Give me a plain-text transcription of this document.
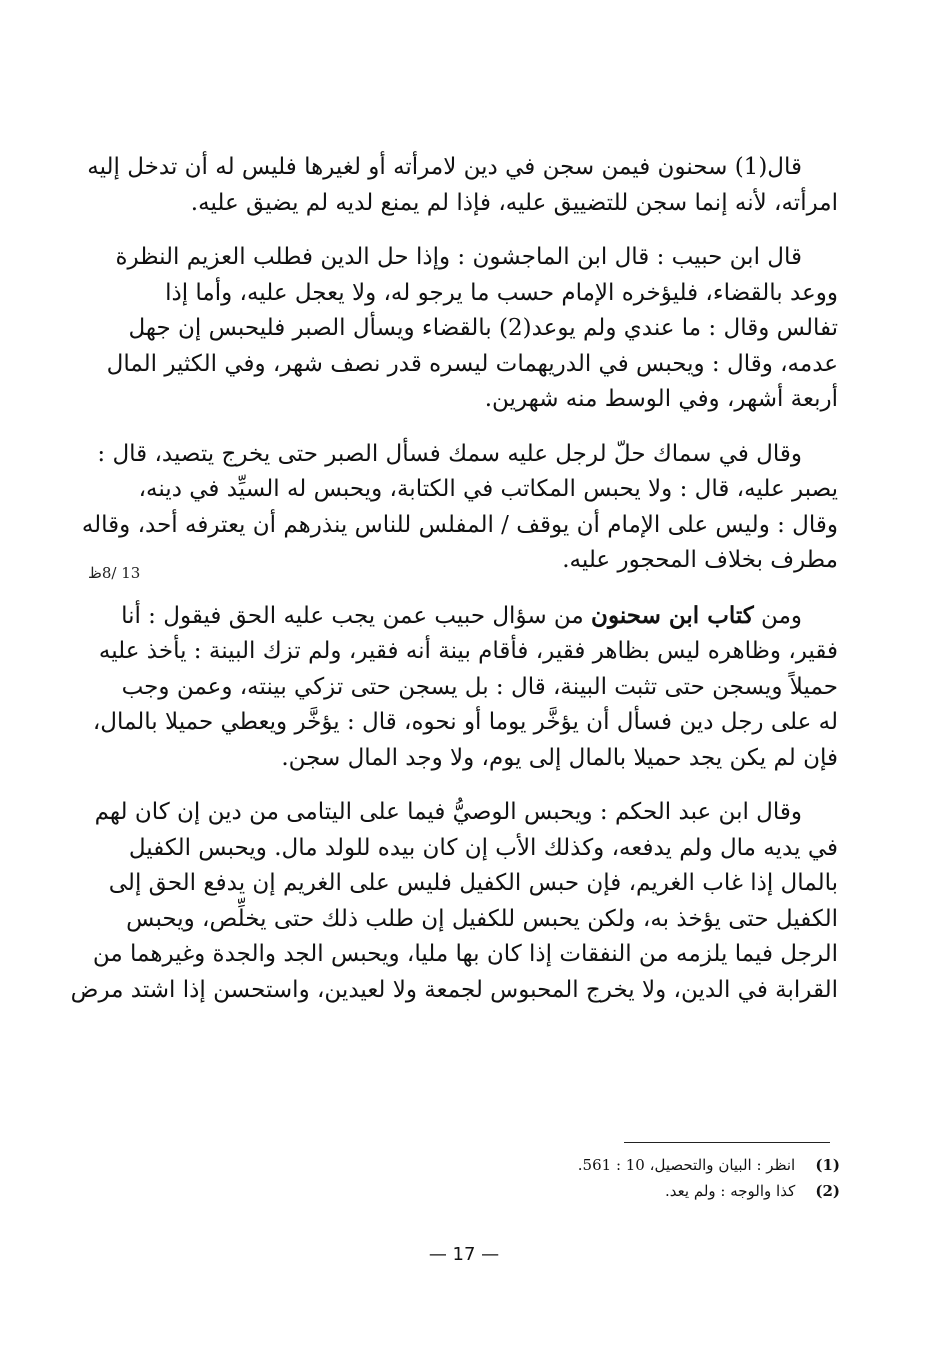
قال(1) سحنون فيمن سجن في دين لامرأته أو لغيرها فليس له أن تدخل إليه
امرأته، لأنه إنما سجن للتضييق عليه، فإذا لم يمنع لديه لم يضيق عليه.

قال ابن حبيب : قال ابن الماجشون : وإذا حل الدين فطلب العزيم النظرة
ووعد بالقضاء، فليؤخره الإمام حسب ما يرجو له، ولا يعجل عليه، وأما إذا
تفالس وقال : ما عندي ولم يوعد(2) بالقضاء ويسأل الصبر فليحبس إن جهل
عدمه، وقال : ويحبس في الدريهمات ليسره قدر نصف شهر، وفي الكثير المال
أربعة أشهر، وفي الوسط منه شهرين.

وقال في سماك حلّ لرجل عليه سمك فسأل الصبر حتى يخرج يتصيد، قال :
يصبر عليه، قال : ولا يحبس المكاتب في الكتابة، ويحبس له السيِّد في دينه،
وقال : وليس على الإمام أن يوقف / المفلس للناس ينذرهم أن يعترفه أحد، وقاله
مطرف بخلاف المحجور عليه.

ومن كتاب ابن سحنون من سؤال حبيب عمن يجب عليه الحق فيقول : أنا
فقير، وظاهره ليس بظاهر فقير، فأقام بينة أنه فقير، ولم تزك البينة : يأخذ عليه
حميلاً ويسجن حتى تثبت البينة، قال : بل يسجن حتى تزكي بينته، وعمن وجب
له على رجل دين فسأل أن يؤخَّر يوما أو نحوه، قال : يؤخَّر ويعطي حميلا بالمال،
فإن لم يكن يجد حميلا بالمال إلى يوم، ولا وجد المال سجن.

وقال ابن عبد الحكم : ويحبس الوصيُّ فيما على اليتامى من دين إن كان لهم
في يديه مال ولم يدفعه، وكذلك الأب إن كان بيده للولد مال. ويحبس الكفيل
بالمال إذا غاب الغريم، فإن حبس الكفيل فليس على الغريم إن يدفع الحق إلى
الكفيل حتى يؤخذ به، ولكن يحبس للكفيل إن طلب ذلك حتى يخلِّص، ويحبس
الرجل فيما يلزمه من النفقات إذا كان بها مليا، ويحبس الجد والجدة وغيرهما من
القرابة في الدين، ولا يخرج المحبوس لجمعة ولا لعيدين، واستحسن إذا اشتد مرض

13 /8ظ
(1) انظر : البيان والتحصيل، 10 : 561.
(2) كذا والوجه : ولم يعد.
— 17 —
